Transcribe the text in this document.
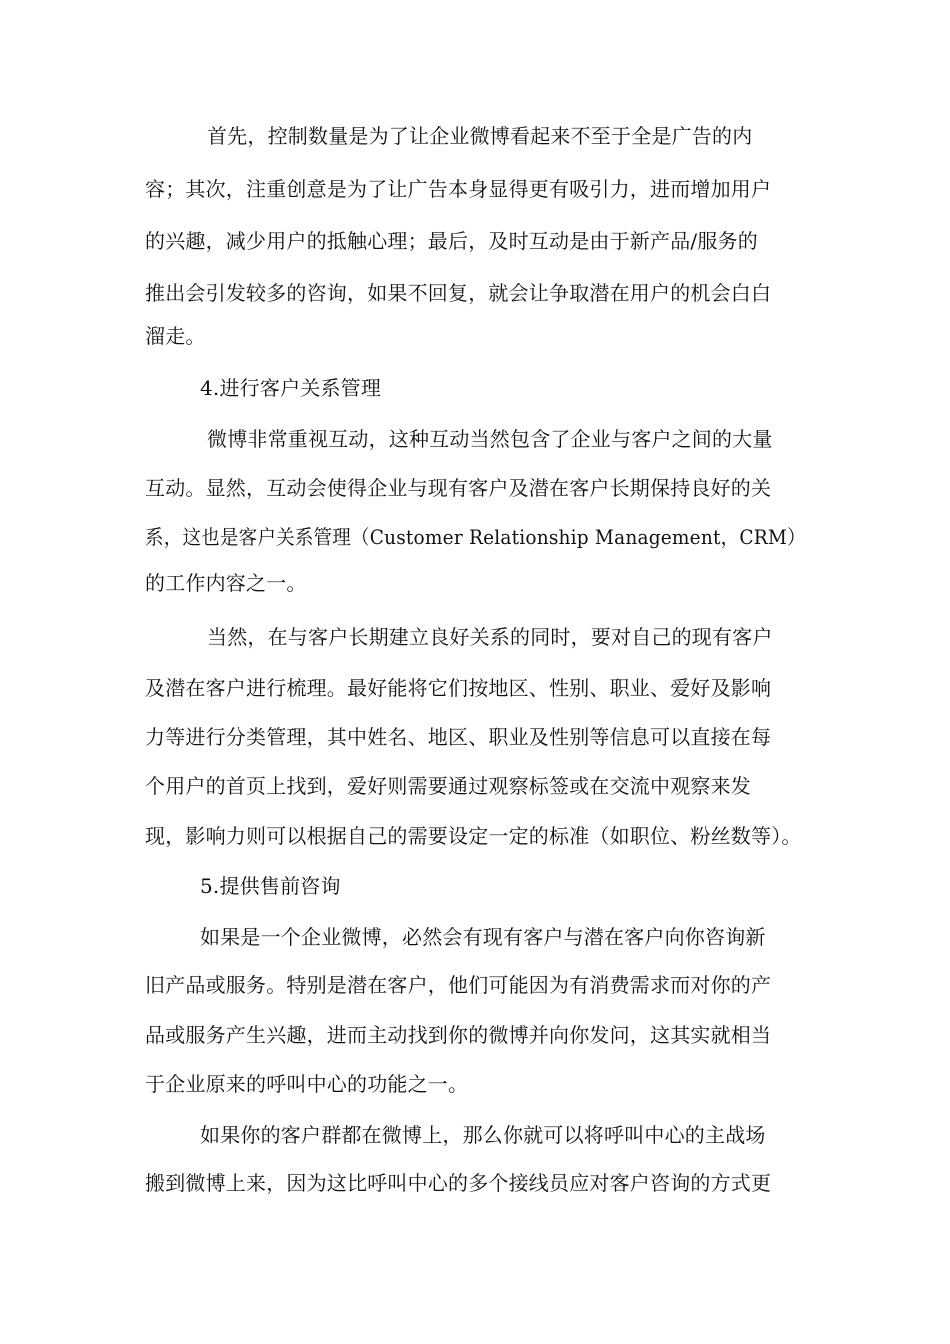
首先，控制数量是为了让企业微博看起来不至于全是广告的内
容；其次，注重创意是为了让广告本身显得更有吸引力，进而增加用户
的兴趣，减少用户的抵触心理；最后，及时互动是由于新产品/服务的
推出会引发较多的咨询，如果不回复，就会让争取潜在用户的机会白白
溜走。
4.进行客户关系管理
微博非常重视互动，这种互动当然包含了企业与客户之间的大量
互动。显然，互动会使得企业与现有客户及潜在客户长期保持良好的关
系，这也是客户关系管理（Customer Relationship Management，CRM）
的工作内容之一。
当然，在与客户长期建立良好关系的同时，要对自己的现有客户
及潜在客户进行梳理。最好能将它们按地区、性别、职业、爱好及影响
力等进行分类管理，其中姓名、地区、职业及性别等信息可以直接在每
个用户的首页上找到，爱好则需要通过观察标签或在交流中观察来发
现，影响力则可以根据自己的需要设定一定的标准（如职位、粉丝数等）。
5.提供售前咨询
如果是一个企业微博，必然会有现有客户与潜在客户向你咨询新
旧产品或服务。特别是潜在客户，他们可能因为有消费需求而对你的产
品或服务产生兴趣，进而主动找到你的微博并向你发问，这其实就相当
于企业原来的呼叫中心的功能之一。
如果你的客户群都在微博上，那么你就可以将呼叫中心的主战场
搬到微博上来，因为这比呼叫中心的多个接线员应对客户咨询的方式更
